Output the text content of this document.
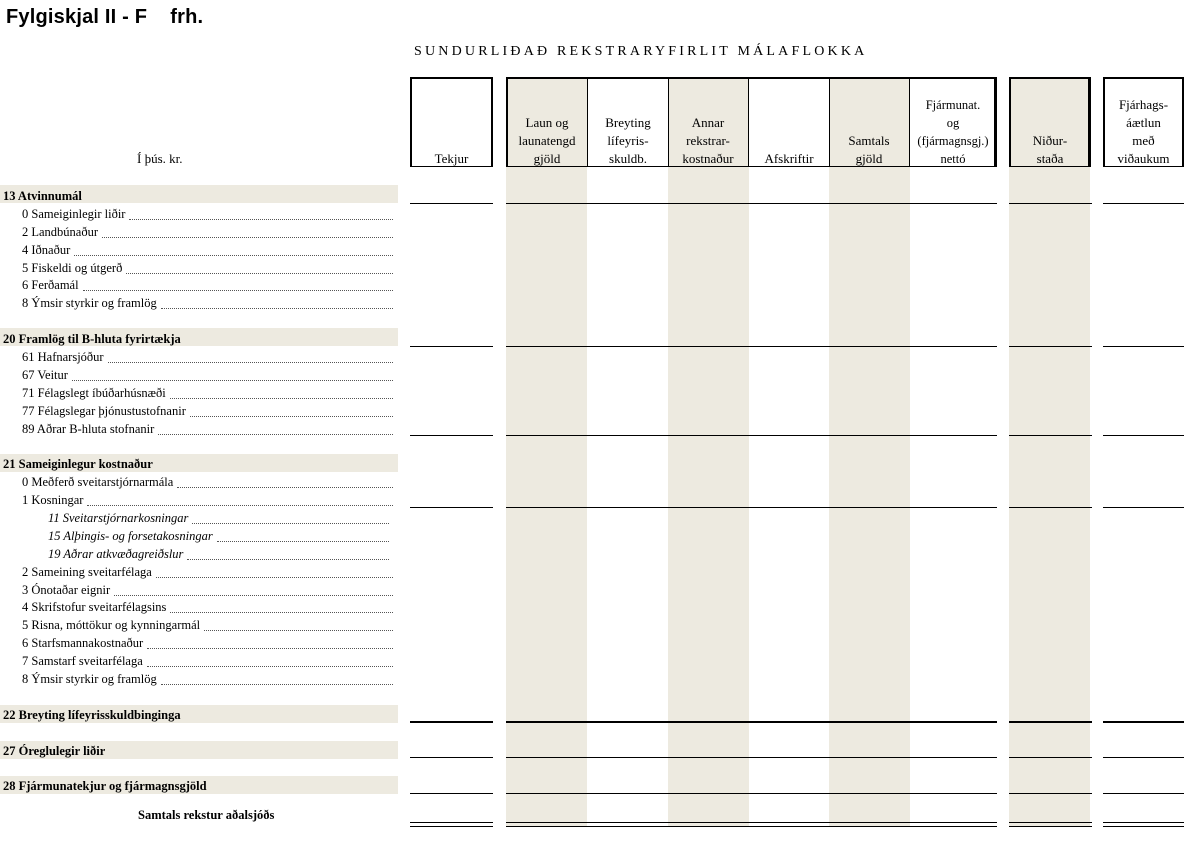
Fylgiskjal II - F    frh.
SUNDURLIÐAÐ REKSTRARYFIRLIT MÁLAFLOKKA
Tekjur
Laun og
launatengd
gjöld
Breyting
lífeyris-
skuldb.
Annar
rekstrar-
kostnaður	Afskriftir
Samtals
gjöld
Fjármunat.
og
(fjármagnsgj.)
nettó
Niður-
staða
Fjárhags-
áætlun
með
viðaukum
Í þús. kr.
13 Atvinnumál
20 Framlög til B-hluta fyrirtækja
21 Sameiginlegur kostnaður
22 Breyting lífeyrisskuldbinginga
27 Óreglulegir liðir
28 Fjármunatekjur og fjármagnsgjöld
0 Sameiginlegir liðir
2 Landbúnaður
4 Iðnaður
5 Fiskeldi og útgerð
6 Ferðamál
8 Ýmsir styrkir og framlög
61 Hafnarsjóður
67 Veitur
71 Félagslegt íbúðarhúsnæði
77 Félagslegar þjónustustofnanir
89 Aðrar B-hluta stofnanir
0 Meðferð sveitarstjórnarmála
1 Kosningar
11 Sveitarstjórnarkosningar
15 Alþingis- og forsetakosningar
19 Aðrar atkvæðagreiðslur
2 Sameining sveitarfélaga
3 Ónotaðar eignir
4 Skrifstofur sveitarfélagsins
5 Risna, móttökur og kynningarmál
6 Starfsmannakostnaður
7 Samstarf sveitarfélaga
8 Ýmsir styrkir og framlög
Samtals rekstur aðalsjóðs
